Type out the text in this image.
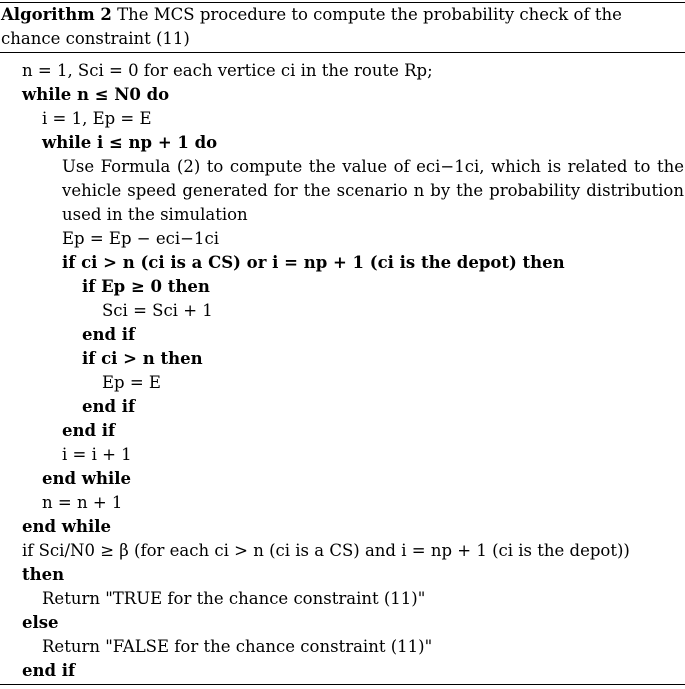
Algorithm 2 The MCS procedure to compute the probability check of the chance constraint (11)
n = 1, Sci = 0 for each vertice ci in the route Rp;
while n ≤ N0 do
i = 1, Ep = E
while i ≤ np + 1 do
Use Formula (2) to compute the value of eci−1ci, which is related to the vehicle speed generated for the scenario n by the probability distribution used in the simulation
Ep = Ep − eci−1ci
if ci > n (ci is a CS) or i = np + 1 (ci is the depot) then
if Ep ≥ 0 then
Sci = Sci + 1
end if
if ci > n then
Ep = E
end if
end if
i = i + 1
end while
n = n + 1
end while
if Sci/N0 ≥ β (for each ci > n (ci is a CS) and i = np + 1 (ci is the depot))
then
Return "TRUE for the chance constraint (11)"
else
Return "FALSE for the chance constraint (11)"
end if
